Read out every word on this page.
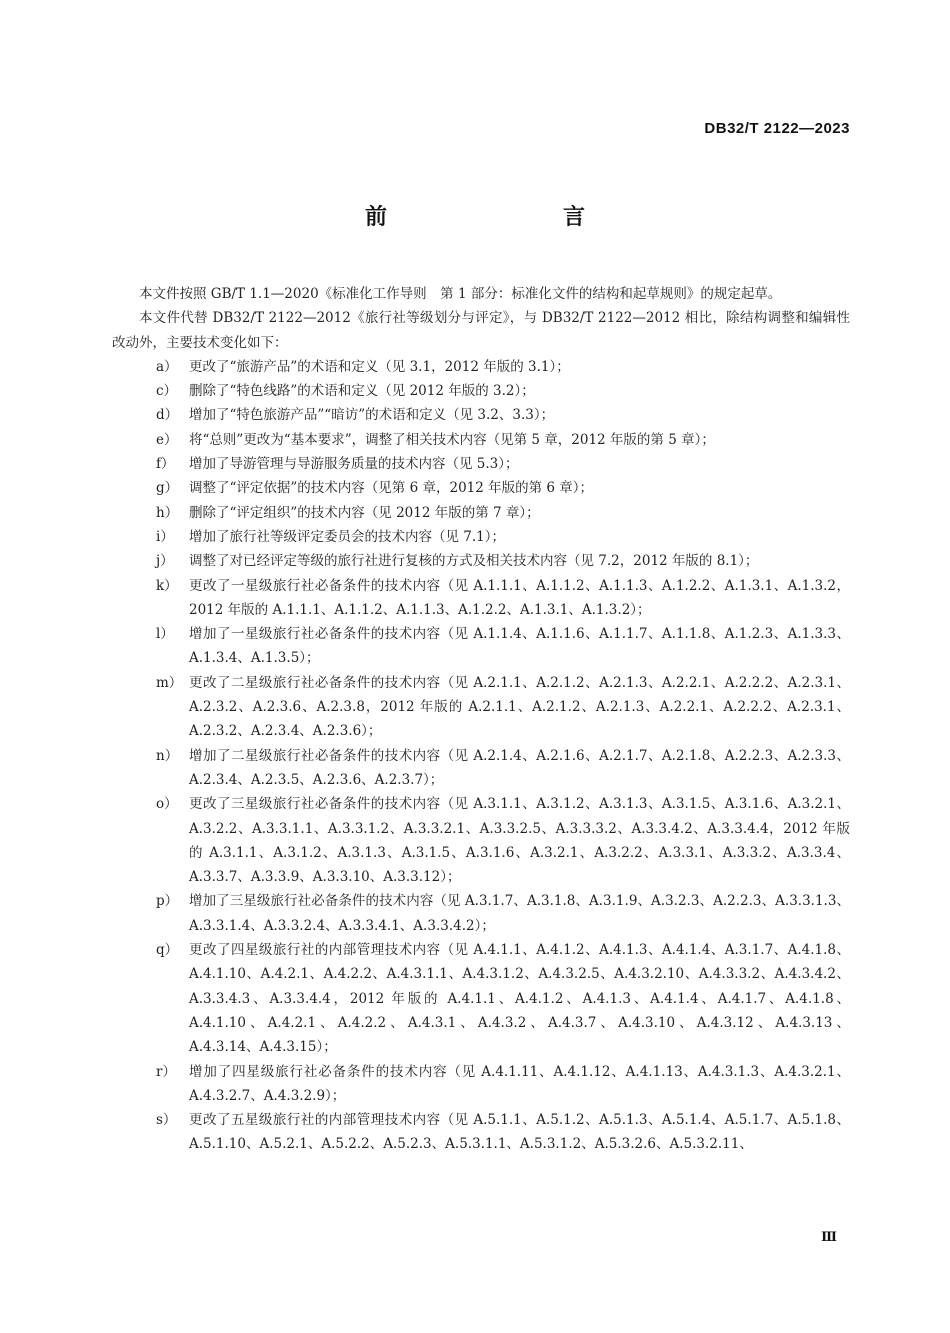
DB32/T 2122—2023
前　　言

本文件按照 GB/T 1.1—2020《标准化工作导则　第 1 部分：标准化文件的结构和起草规则》的规定起草。

本文件代替 DB32/T 2122—2012《旅行社等级划分与评定》，与 DB32/T 2122—2012 相比，除结构调整和编辑性改动外，主要技术变化如下：

a） 更改了“旅游产品”的术语和定义（见 3.1，2012 年版的 3.1）；
c） 删除了“特色线路”的术语和定义（见 2012 年版的 3.2）；
d） 增加了“特色旅游产品”“暗访”的术语和定义（见 3.2、3.3）；
e） 将“总则”更改为“基本要求”，调整了相关技术内容（见第 5 章，2012 年版的第 5 章）；
f）	增加了导游管理与导游服务质量的技术内容（见 5.3）；
g） 调整了“评定依据”的技术内容（见第 6 章，2012 年版的第 6 章）；
h） 删除了“评定组织”的技术内容（见 2012 年版的第 7 章）；
i）	增加了旅行社等级评定委员会的技术内容（见 7.1）；
j）	调整了对已经评定等级的旅行社进行复核的方式及相关技术内容（见 7.2，2012 年版的 8.1）；
k） 更改了一星级旅行社必备条件的技术内容（见 A.1.1.1、A.1.1.2、A.1.1.3、A.1.2.2、A.1.3.1、A.1.3.2，2012 年版的 A.1.1.1、A.1.1.2、A.1.1.3、A.1.2.2、A.1.3.1、A.1.3.2）；
l）	增加了一星级旅行社必备条件的技术内容（见 A.1.1.4、A.1.1.6、A.1.1.7、A.1.1.8、A.1.2.3、A.1.3.3、A.1.3.4、A.1.3.5）；
m） 更改了二星级旅行社必备条件的技术内容（见 A.2.1.1、A.2.1.2、A.2.1.3、A.2.2.1、A.2.2.2、A.2.3.1、A.2.3.2、A.2.3.6、A.2.3.8，2012 年版的 A.2.1.1、A.2.1.2、A.2.1.3、A.2.2.1、A.2.2.2、A.2.3.1、A.2.3.2、A.2.3.4、A.2.3.6）；
n） 增加了二星级旅行社必备条件的技术内容（见 A.2.1.4、A.2.1.6、A.2.1.7、A.2.1.8、A.2.2.3、A.2.3.3、A.2.3.4、A.2.3.5、A.2.3.6、A.2.3.7）；
o） 更改了三星级旅行社必备条件的技术内容（见 A.3.1.1、A.3.1.2、A.3.1.3、A.3.1.5、A.3.1.6、A.3.2.1、A.3.2.2、A.3.3.1.1、A.3.3.1.2、A.3.3.2.1、A.3.3.2.5、A.3.3.3.2、A.3.3.4.2、A.3.3.4.4，2012 年版的 A.3.1.1、A.3.1.2、A.3.1.3、A.3.1.5、A.3.1.6、A.3.2.1、A.3.2.2、A.3.3.1、A.3.3.2、A.3.3.4、A.3.3.7、A.3.3.9、A.3.3.10、A.3.3.12）；
p） 增加了三星级旅行社必备条件的技术内容（见 A.3.1.7、A.3.1.8、A.3.1.9、A.3.2.3、A.2.2.3、A.3.3.1.3、A.3.3.1.4、A.3.3.2.4、A.3.3.4.1、A.3.3.4.2）；
q） 更改了四星级旅行社的内部管理技术内容（见 A.4.1.1、A.4.1.2、A.4.1.3、A.4.1.4、A.3.1.7、A.4.1.8、A.4.1.10、A.4.2.1、A.4.2.2、A.4.3.1.1、A.4.3.1.2、A.4.3.2.5、A.4.3.2.10、A.4.3.3.2、A.4.3.4.2、A.3.3.4.3、A.3.3.4.4，2012 年版的 A.4.1.1、A.4.1.2、A.4.1.3、A.4.1.4、A.4.1.7、A.4.1.8、A.4.1.10、A.4.2.1、A.4.2.2、A.4.3.1、A.4.3.2、A.4.3.7、A.4.3.10、A.4.3.12、A.4.3.13、A.4.3.14、A.4.3.15）；
r） 增加了四星级旅行社必备条件的技术内容（见 A.4.1.11、A.4.1.12、A.4.1.13、A.4.3.1.3、A.4.3.2.1、A.4.3.2.7、A.4.3.2.9）；
s） 更改了五星级旅行社的内部管理技术内容（见 A.5.1.1、A.5.1.2、A.5.1.3、A.5.1.4、A.5.1.7、A.5.1.8、A.5.1.10、A.5.2.1、A.5.2.2、A.5.2.3、A.5.3.1.1、A.5.3.1.2、A.5.3.2.6、A.5.3.2.11、
Ⅲ
